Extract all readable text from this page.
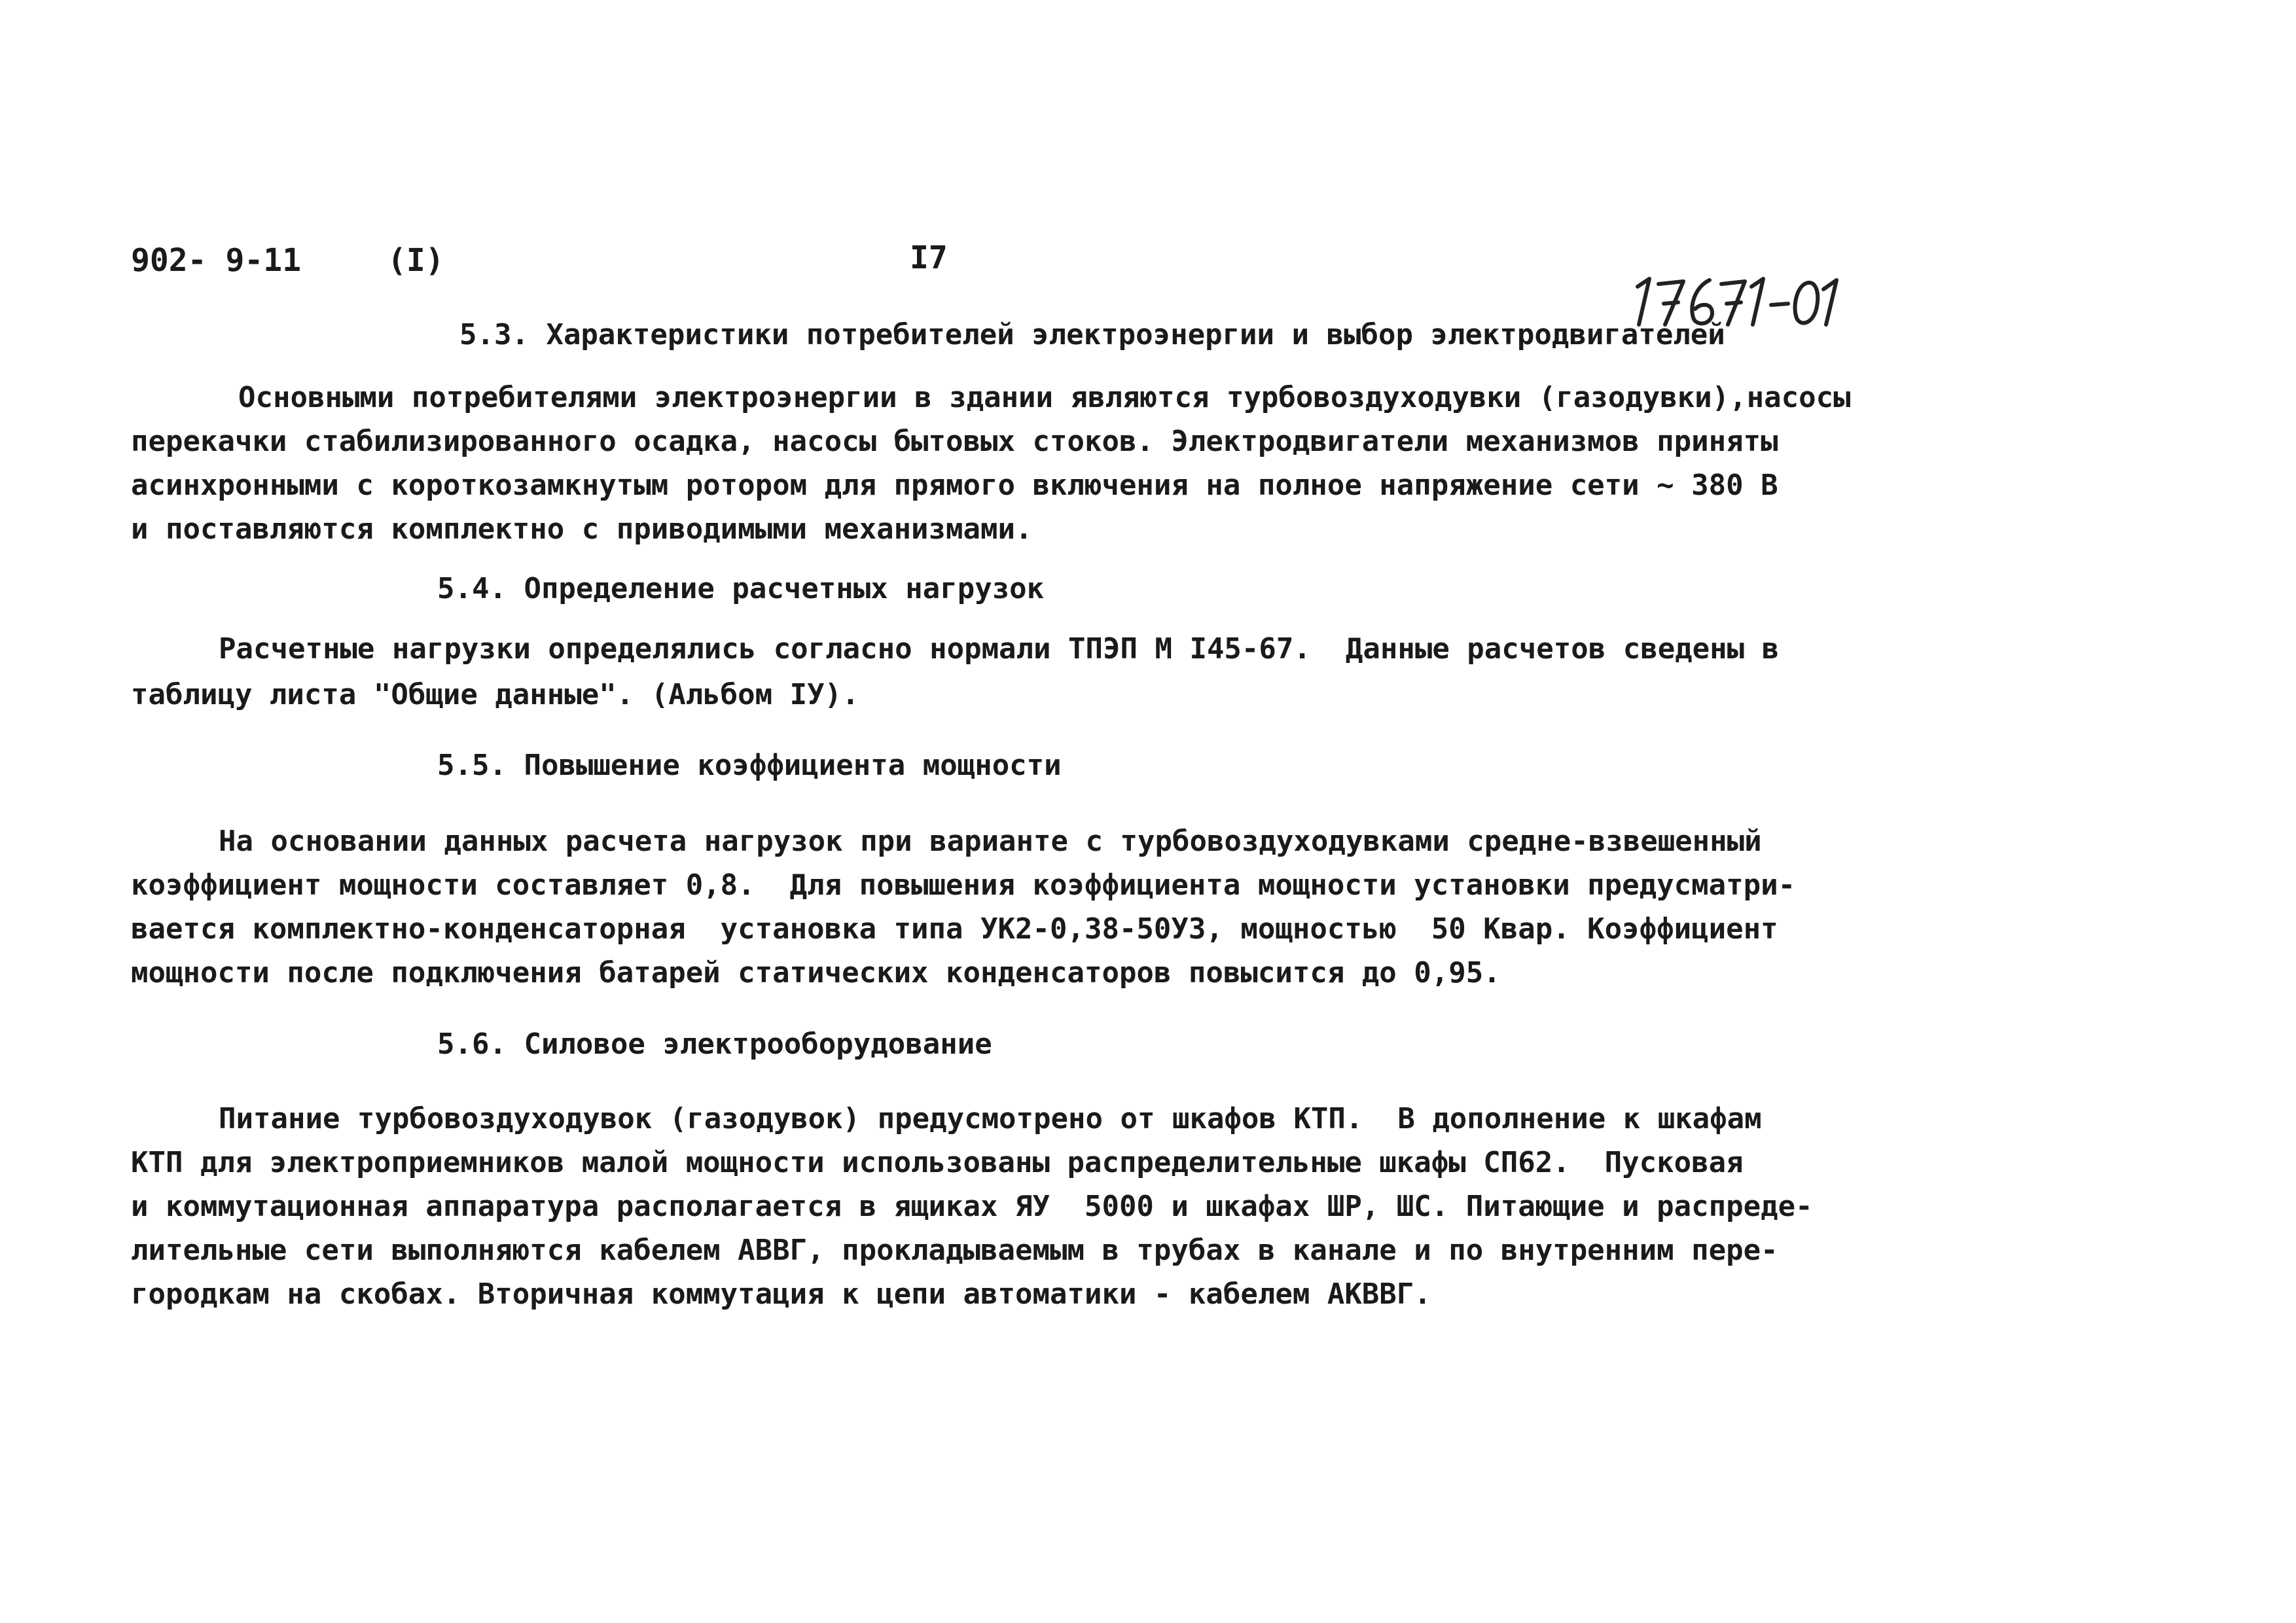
902- 9-11	(I)	I7
5.3. Характеристики потребителей электроэнергии и выбор электродвигателей
Основными потребителями электроэнергии в здании являются турбовоздуходувки (газодувки),насосы
перекачки стабилизированного осадка, насосы бытовых стоков. Электродвигатели механизмов приняты
асинхронными с короткозамкнутым ротором для прямого включения на полное напряжение сети ∼ 380 В
и поставляются комплектно с приводимыми механизмами.
5.4. Определение расчетных нагрузок
Расчетные нагрузки определялись согласно нормали ТПЭП М I45-67.  Данные расчетов сведены в
таблицу листа "Общие данные". (Альбом IУ).
5.5. Повышение коэффициента мощности
На основании данных расчета нагрузок при варианте с турбовоздуходувками средне-взвешенный
коэффициент мощности составляет 0,8.  Для повышения коэффициента мощности установки предусматри-
вается комплектно-конденсаторная  установка типа УК2-0,38-50У3, мощностью  50 Квар. Коэффициент
мощности после подключения батарей статических конденсаторов повысится до 0,95.
5.6. Силовое электрооборудование
Питание турбовоздуходувок (газодувок) предусмотрено от шкафов КТП.  В дополнение к шкафам
КТП для электроприемников малой мощности использованы распределительные шкафы СП62.  Пусковая
и коммутационная аппаратура располагается в ящиках ЯУ  5000 и шкафах ШР, ШС. Питающие и распреде-
лительные сети выполняются кабелем АВВГ, прокладываемым в трубах в канале и по внутренним пере-
городкам на скобах. Вторичная коммутация к цепи автоматики - кабелем АКВВГ.
